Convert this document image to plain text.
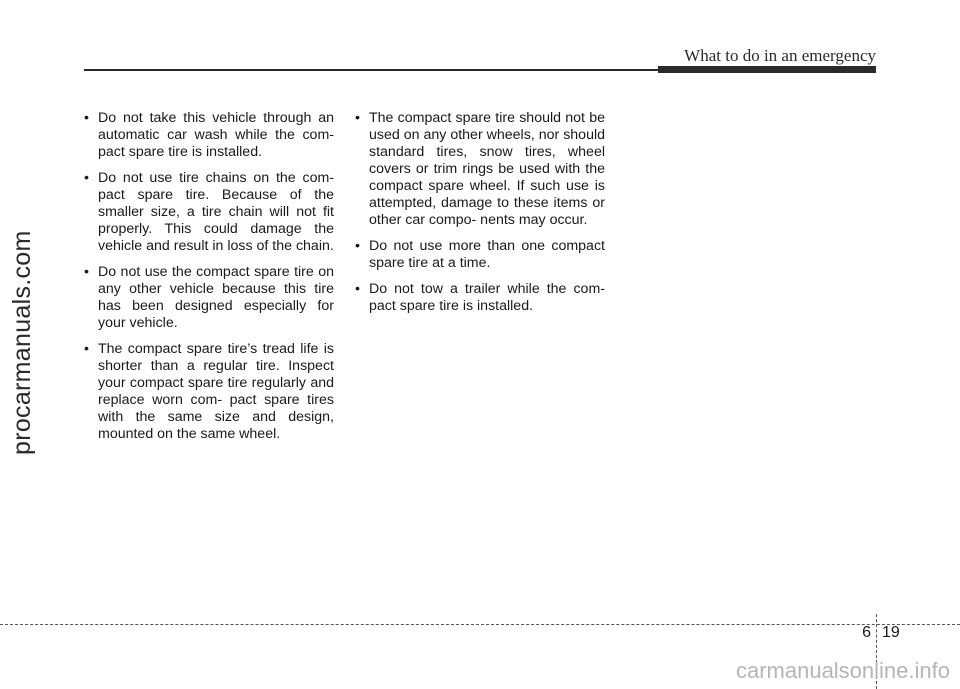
What to do in an emergency
• Do not take this vehicle through an automatic car wash while the com- pact spare tire is installed.
• Do not use tire chains on the com- pact spare tire. Because of the smaller size, a tire chain will not fit properly. This could damage the vehicle and result in loss of the chain.
• Do not use the compact spare tire on any other vehicle because this tire has been designed especially for your vehicle.
• The compact spare tire’s tread life is shorter than a regular tire. Inspect your compact spare tire regularly and replace worn com- pact spare tires with the same size and design, mounted on the same wheel.
• The compact spare tire should not be used on any other wheels, nor should standard tires, snow tires, wheel covers or trim rings be used with the compact spare wheel. If such use is attempted, damage to these items or other car compo- nents may occur.
• Do not use more than one compact spare tire at a time.
• Do not tow a trailer while the com- pact spare tire is installed.
procarmanuals.com
6 19
carmanualsonline.info
